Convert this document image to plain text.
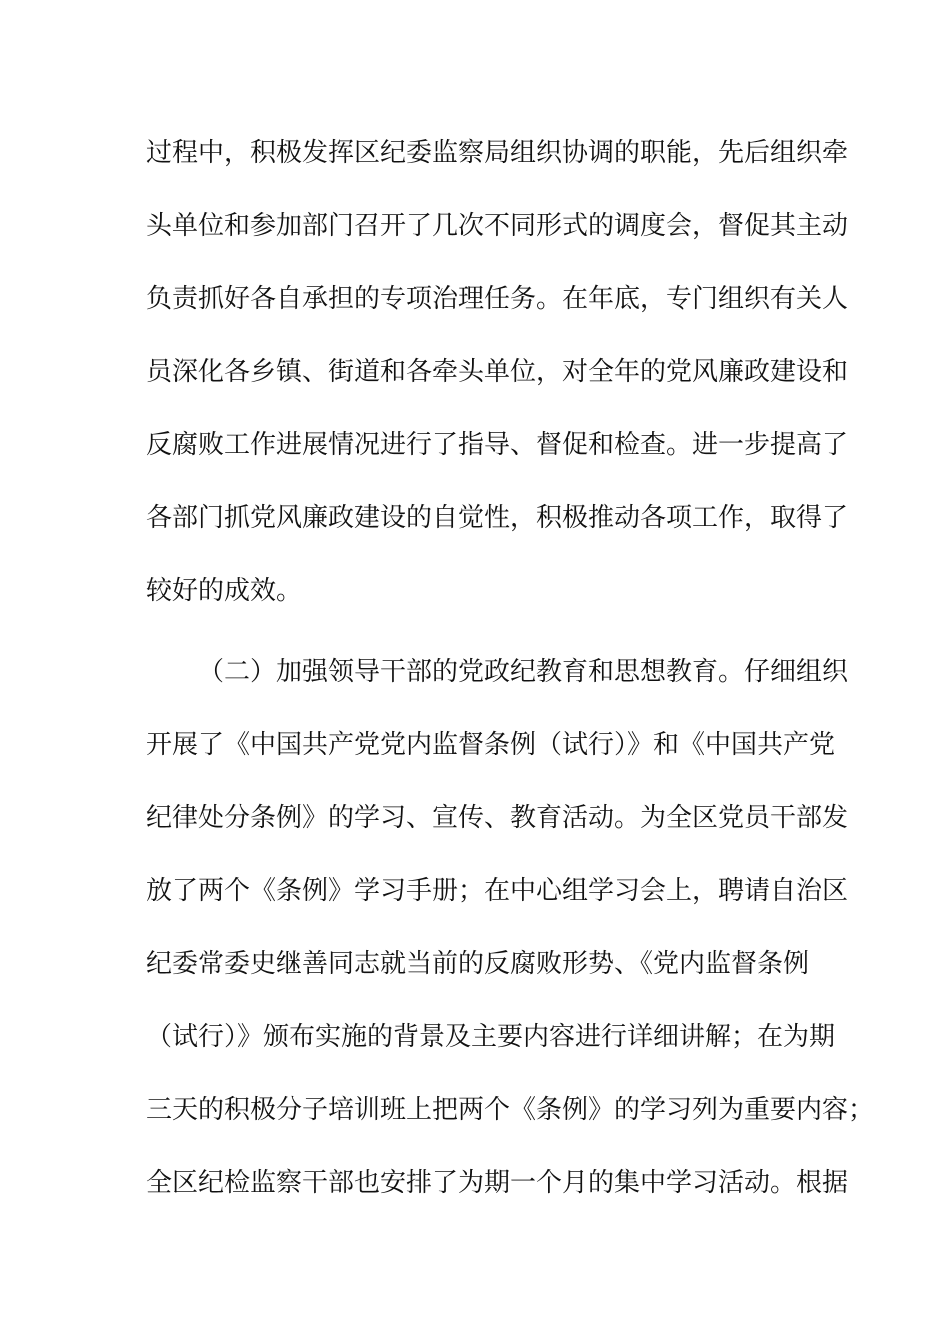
过程中，积极发挥区纪委监察局组织协调的职能，先后组织牵
头单位和参加部门召开了几次不同形式的调度会，督促其主动
负责抓好各自承担的专项治理任务。在年底，专门组织有关人
员深化各乡镇、街道和各牵头单位，对全年的党风廉政建设和
反腐败工作进展情况进行了指导、督促和检查。进一步提高了
各部门抓党风廉政建设的自觉性，积极推动各项工作，取得了
较好的成效。
（二）加强领导干部的党政纪教育和思想教育。仔细组织
开展了《中国共产党党内监督条例（试行）》和《中国共产党
纪律处分条例》的学习、宣传、教育活动。为全区党员干部发
放了两个《条例》学习手册；在中心组学习会上，聘请自治区
纪委常委史继善同志就当前的反腐败形势、《党内监督条例
（试行）》颁布实施的背景及主要内容进行详细讲解；在为期
三天的积极分子培训班上把两个《条例》的学习列为重要内容；
全区纪检监察干部也安排了为期一个月的集中学习活动。根据
